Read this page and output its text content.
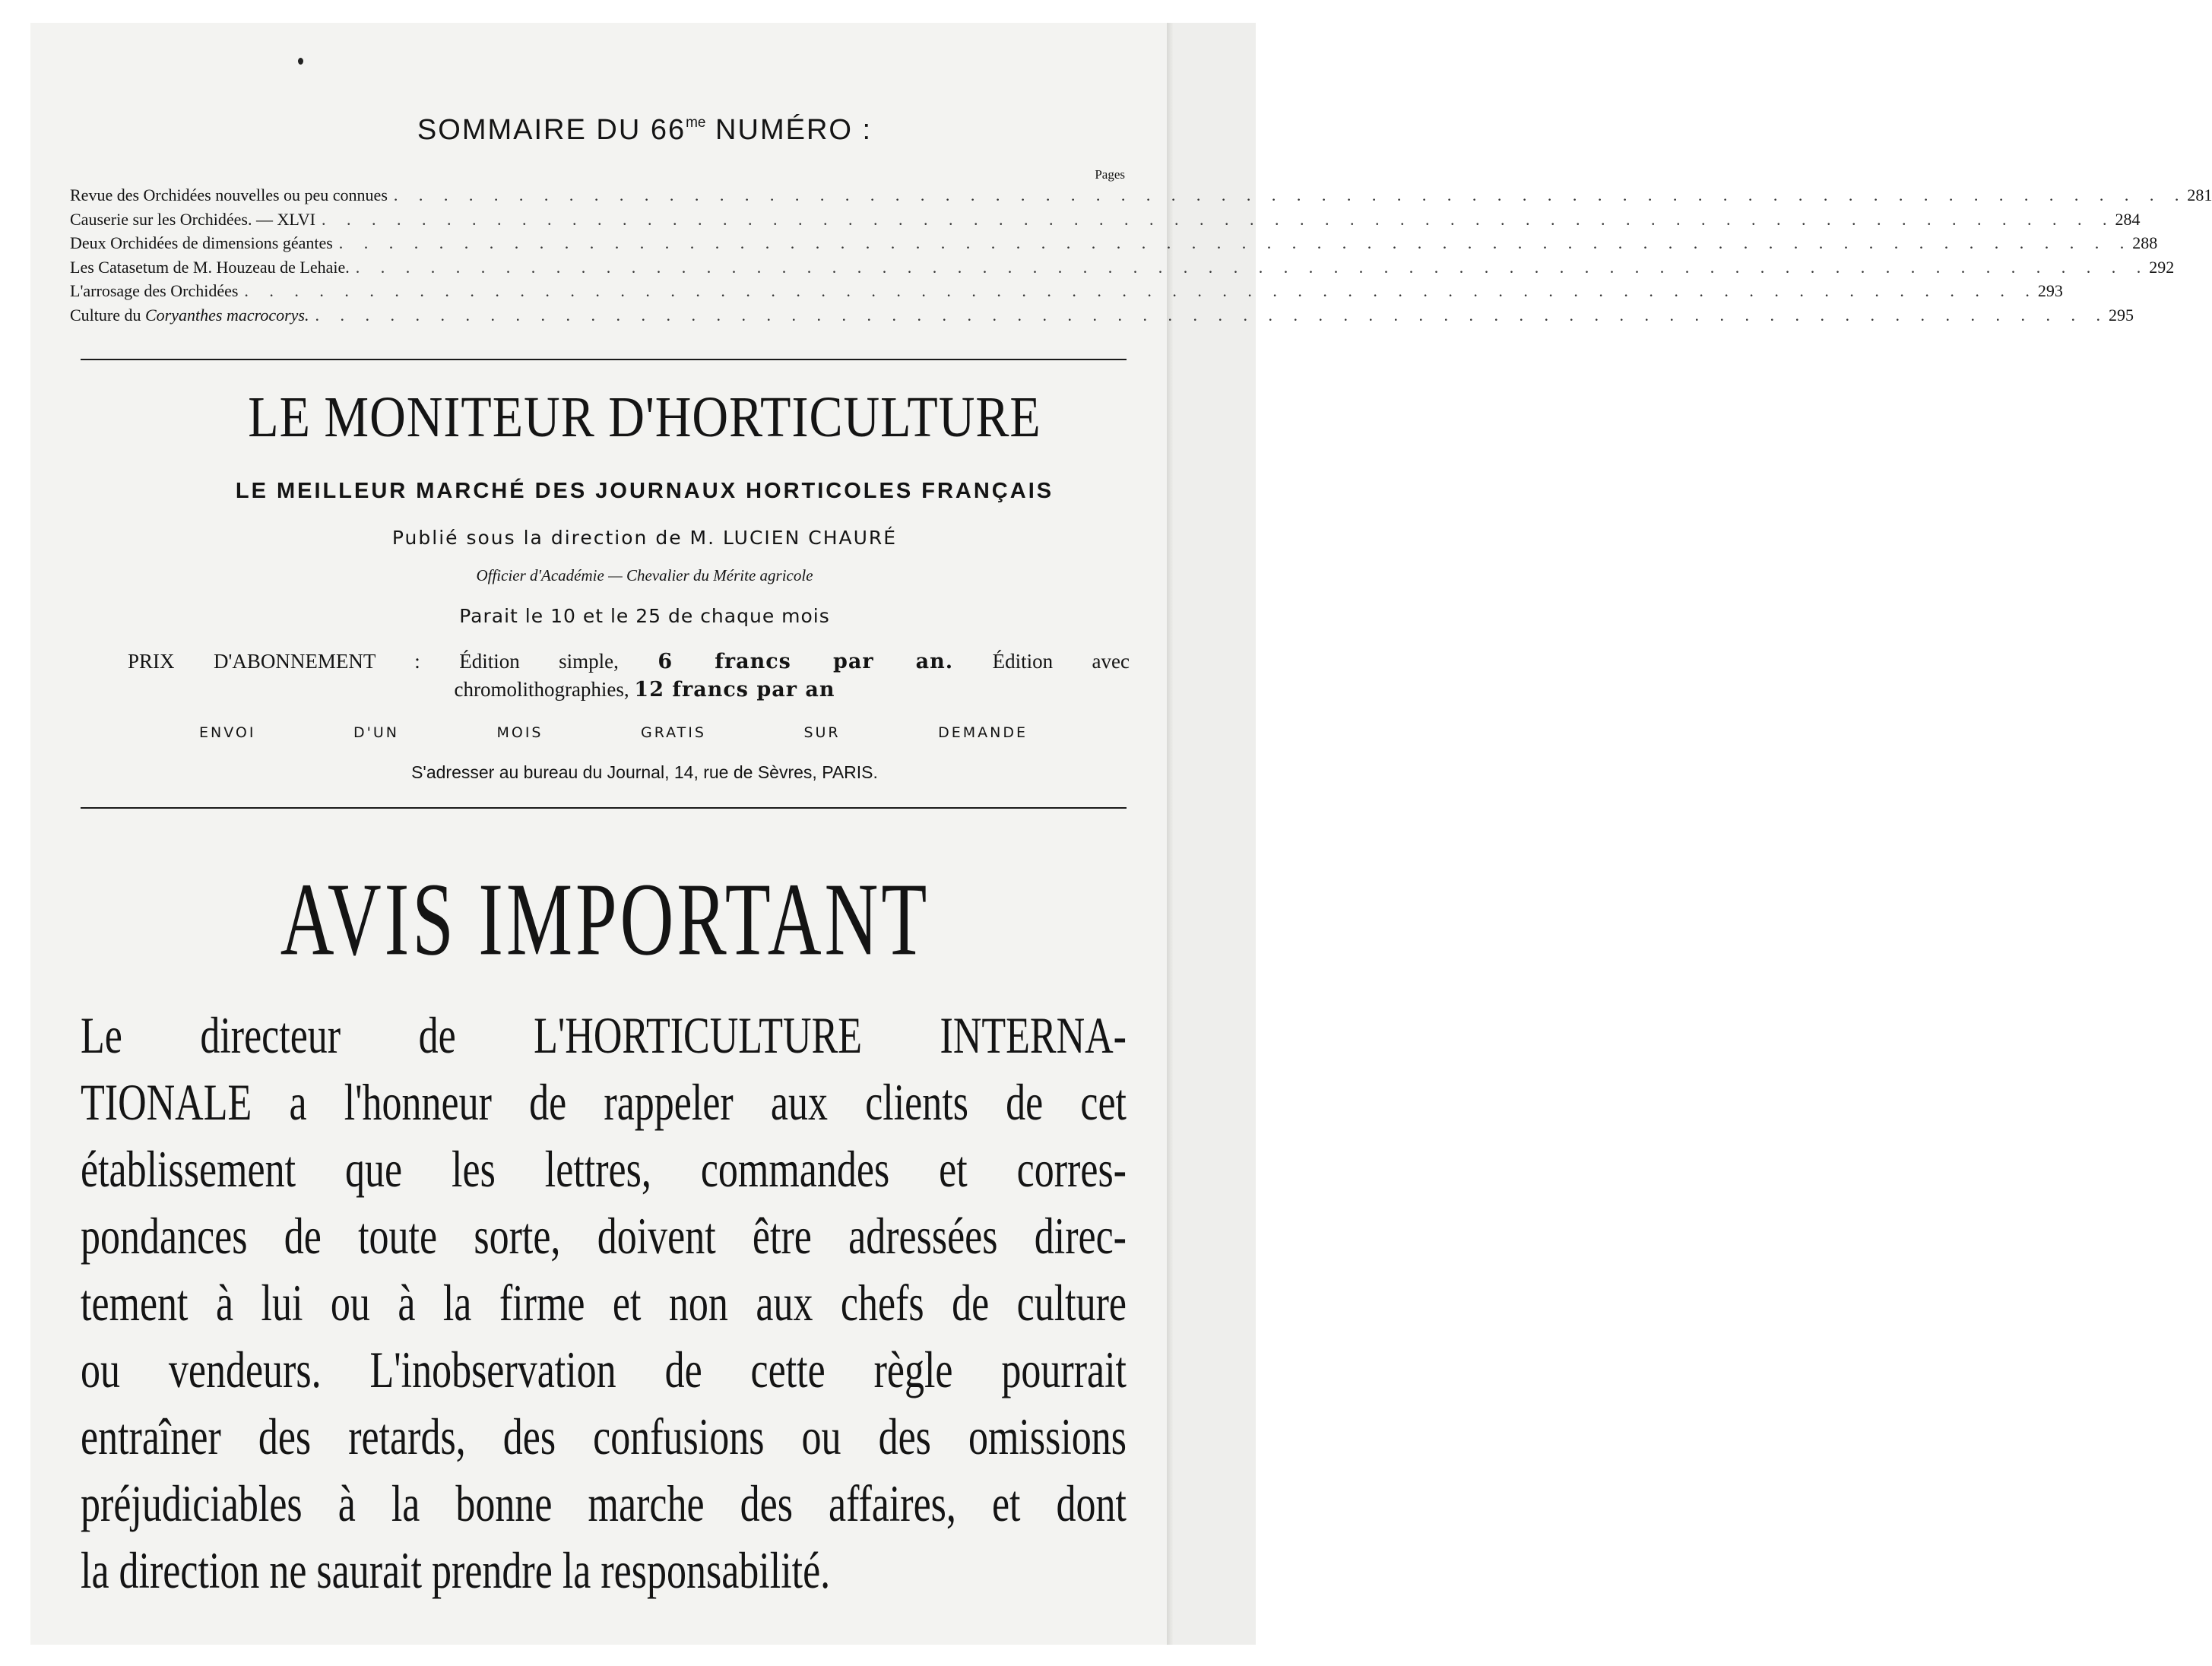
SOMMAIRE DU $66^{me}$ NUMÉRO :
Pages
Revue des Orchidées nouvelles ou peu connues . . . . . . . . . . . . . . . . . . . . . . . . . . . . . . . . . . . . . . . . . . . . . . . . . . . . . . . . . . . . . . . . . . . . . . . . 281
Causerie sur les Orchidées. — XLVI . . . . . . . . . . . . . . . . . . . . . . . . . . . . . . . . . . . . . . . . . . . . . . . . . . . . . . . . . . . . . . . . . . . . . . . . 284
Deux Orchidées de dimensions géantes . . . . . . . . . . . . . . . . . . . . . . . . . . . . . . . . . . . . . . . . . . . . . . . . . . . . . . . . . . . . . . . . . . . . . . . . 288
Les Catasetum de M. Houzeau de Lehaie. . . . . . . . . . . . . . . . . . . . . . . . . . . . . . . . . . . . . . . . . . . . . . . . . . . . . . . . . . . . . . . . . . . . . . . . . 292
L'arrosage des Orchidées . . . . . . . . . . . . . . . . . . . . . . . . . . . . . . . . . . . . . . . . . . . . . . . . . . . . . . . . . . . . . . . . . . . . . . . . 293
Culture du Coryanthes macrocorys. . . . . . . . . . . . . . . . . . . . . . . . . . . . . . . . . . . . . . . . . . . . . . . . . . . . . . . . . . . . . . . . . . . . . . . . . 295
LE MONITEUR D'HORTICULTURE
LE MEILLEUR MARCHÉ DES JOURNAUX HORTICOLES FRANÇAIS
Publié sous la direction de M. LUCIEN CHAURÉ
Officier d'Académie — Chevalier du Mérite agricole
Parait le 10 et le 25 de chaque mois
PRIX D'ABONNEMENT : Édition simple, 6 francs par an. Édition avec
chromolithographies, 12 francs par an
ENVOI	D'UN	MOIS	GRATIS	SUR	DEMANDE
S'adresser au bureau du Journal, 14, rue de Sèvres, PARIS.
AVIS IMPORTANT
Le directeur de L'HORTICULTURE INTERNA-
TIONALE a l'honneur de rappeler aux clients de cet
établissement que les lettres, commandes et corres-
pondances de toute sorte, doivent être adressées direc-
tement à lui ou à la firme et non aux chefs de culture
ou vendeurs. L'inobservation de cette règle pourrait
entraîner des retards, des confusions ou des omissions
préjudiciables à la bonne marche des affaires, et dont
la direction ne saurait prendre la responsabilité.
